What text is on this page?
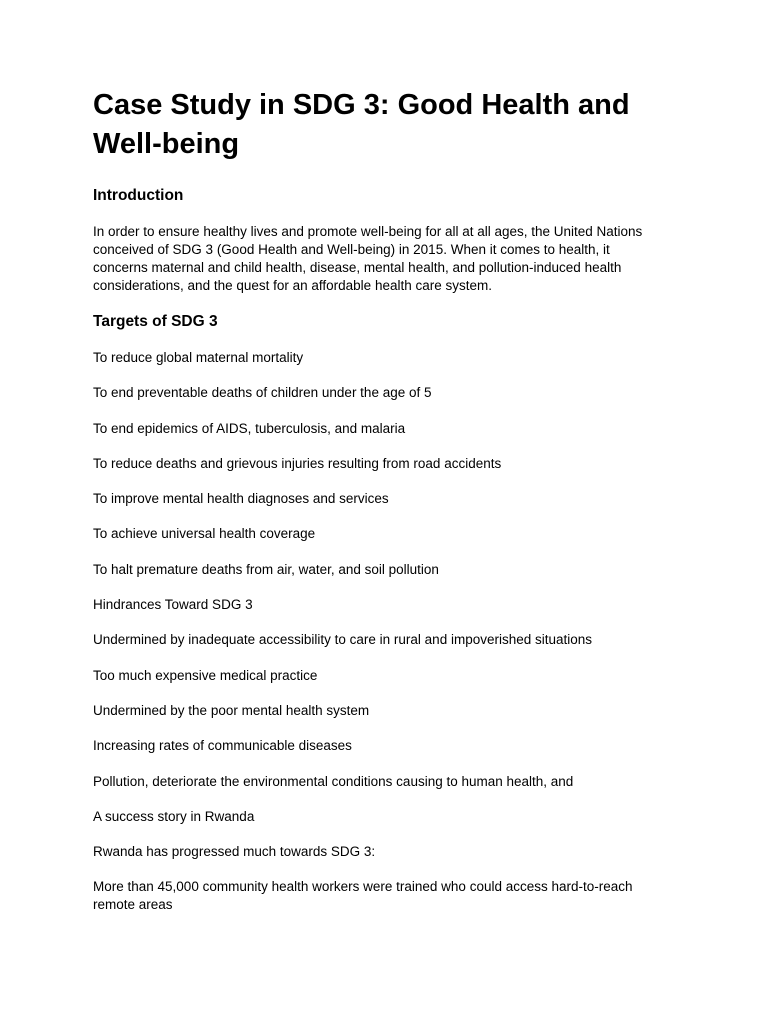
Case Study in SDG 3: Good Health and
Well-being
Introduction

In order to ensure healthy lives and promote well-being for all at all ages, the United Nations
conceived of SDG 3 (Good Health and Well-being) in 2015. When it comes to health, it
concerns maternal and child health, disease, mental health, and pollution-induced health
considerations, and the quest for an affordable health care system.

Targets of SDG 3

To reduce global maternal mortality

To end preventable deaths of children under the age of 5

To end epidemics of AIDS, tuberculosis, and malaria

To reduce deaths and grievous injuries resulting from road accidents

To improve mental health diagnoses and services

To achieve universal health coverage

To halt premature deaths from air, water, and soil pollution

Hindrances Toward SDG 3

Undermined by inadequate accessibility to care in rural and impoverished situations

Too much expensive medical practice

Undermined by the poor mental health system

Increasing rates of communicable diseases

Pollution, deteriorate the environmental conditions causing to human health, and

A success story in Rwanda

Rwanda has progressed much towards SDG 3:

More than 45,000 community health workers were trained who could access hard-to-reach
remote areas
